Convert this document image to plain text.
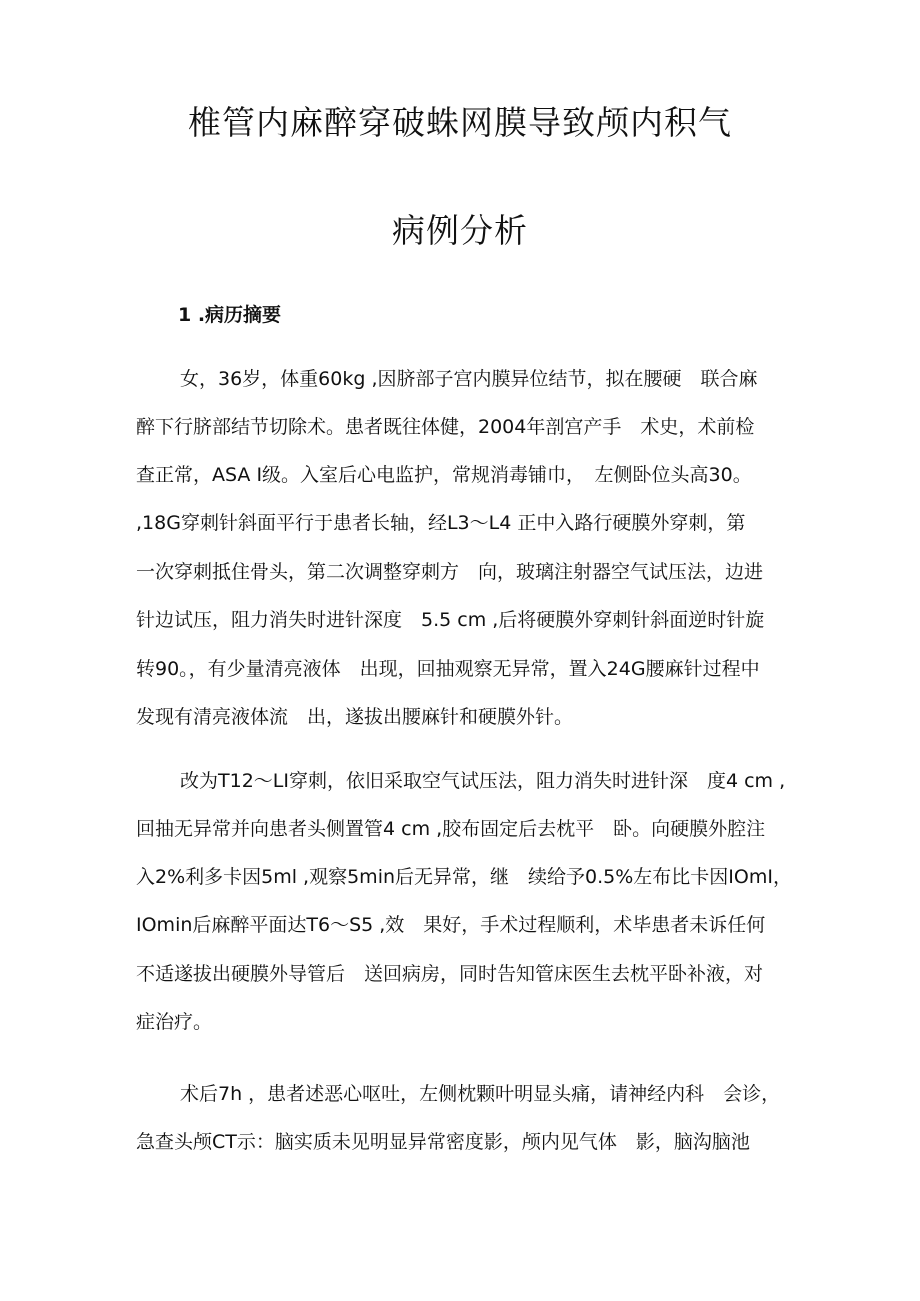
椎管内麻醉穿破蛛网膜导致颅内积气
病例分析
1 .病历摘要

女，36岁，体重60kg ,因脐部子宫内膜异位结节，拟在腰硬　联合麻

醉下行脐部结节切除术。患者既往体健，2004年剖宫产手　术史，术前检

查正常，ASA Ⅰ级。入室后心电监护，常规消毒铺巾，　左侧卧位头高30。

,18G穿刺针斜面平行于患者长轴，经L3～L4 正中入路行硬膜外穿刺，第

一次穿刺抵住骨头，第二次调整穿刺方　向，玻璃注射器空气试压法，边进

针边试压，阻力消失时进针深度　5.5 cm ,后将硬膜外穿刺针斜面逆时针旋

转90。，有少量清亮液体　出现，回抽观察无异常，置入24G腰麻针过程中

发现有清亮液体流　出，遂拔出腰麻针和硬膜外针。

改为T12～LI穿刺，依旧采取空气试压法，阻力消失时进针深　度4 cm ,

回抽无异常并向患者头侧置管4 cm ,胶布固定后去枕平　卧。向硬膜外腔注

入2%利多卡因5ml ,观察5min后无异常，继　续给予0.5%左布比卡因IOmI，

IOmin后麻醉平面达T6～S5 ,效　果好，手术过程顺利，术毕患者未诉任何

不适遂拔出硬膜外导管后　送回病房，同时告知管床医生去枕平卧补液，对

症治疗。

术后7h ，患者述恶心呕吐，左侧枕颗叶明显头痛，请神经内科　会诊，

急查头颅CT示：脑实质未见明显异常密度影，颅内见气体　影，脑沟脑池
